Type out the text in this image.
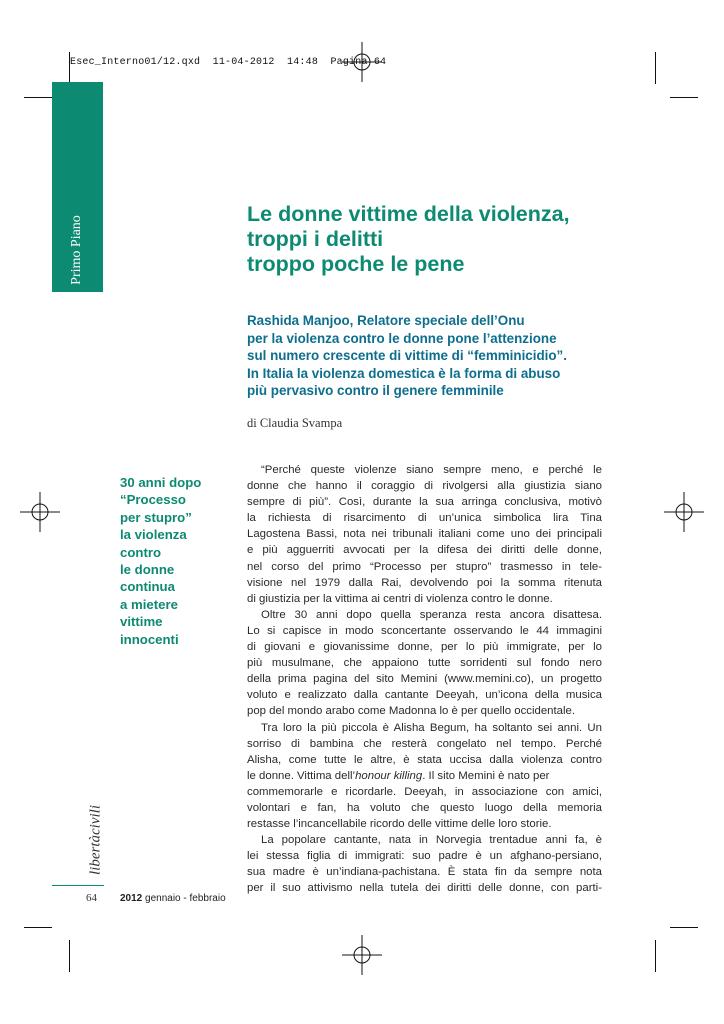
Esec_Interno01/12.qxd  11-04-2012  14:48  Pagina 64
Primo Piano
Le donne vittime della violenza,
troppi i delitti
troppo poche le pene
Rashida Manjoo, Relatore speciale dell’Onu
per la violenza contro le donne pone l’attenzione
sul numero crescente di vittime di “femminicidio”.
In Italia la violenza domestica è la forma di abuso
più pervasivo contro il genere femminile
di Claudia Svampa
30 anni dopo
“Processo
per stupro”
la violenza
contro
le donne
continua
a mietere
vittime
innocenti
“Perché queste violenze siano sempre meno, e perché le
donne che hanno il coraggio di rivolgersi alla giustizia siano
sempre di più”. Così, durante la sua arringa conclusiva, motivò
la richiesta di risarcimento di un’unica simbolica lira Tina
Lagostena Bassi, nota nei tribunali italiani come uno dei principali
e più agguerriti avvocati per la difesa dei diritti delle donne,
nel corso del primo “Processo per stupro” trasmesso in tele-
visione nel 1979 dalla Rai, devolvendo poi la somma ritenuta
di giustizia per la vittima ai centri di violenza contro le donne.
Oltre 30 anni dopo quella speranza resta ancora disattesa.
Lo si capisce in modo sconcertante osservando le 44 immagini
di giovani e giovanissime donne, per lo più immigrate, per lo
più musulmane, che appaiono tutte sorridenti sul fondo nero
della prima pagina del sito Memini (www.memini.co), un progetto
voluto e realizzato dalla cantante Deeyah, un’icona della musica
pop del mondo arabo come Madonna lo è per quello occidentale.
Tra loro la più piccola è Alisha Begum, ha soltanto sei anni. Un
sorriso di bambina che resterà congelato nel tempo. Perché
Alisha, come tutte le altre, è stata uccisa dalla violenza contro
le donne. Vittima dell’honour killing. Il sito Memini è nato per
commemorarle e ricordarle. Deeyah, in associazione con amici,
volontari e fan, ha voluto che questo luogo della memoria
restasse l’incancellabile ricordo delle vittime delle loro storie.
La popolare cantante, nata in Norvegia trentadue anni fa, è
lei stessa figlia di immigrati: suo padre è un afghano-persiano,
sua madre è un’indiana-pachistana. È stata fin da sempre nota
per il suo attivismo nella tutela dei diritti delle donne, con parti-
libertàcivili
64 2012 gennaio - febbraio
